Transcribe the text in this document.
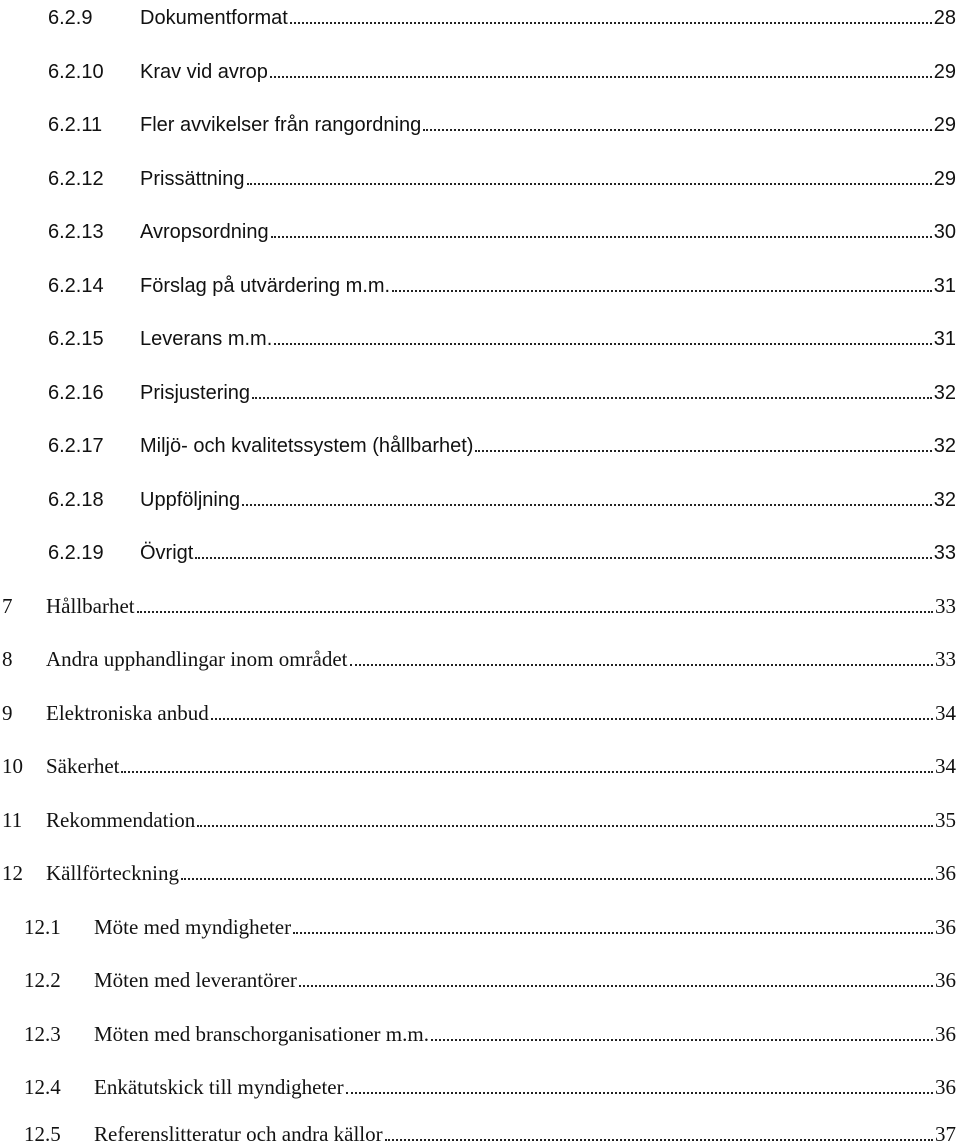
6.2.9	Dokumentformat	28
6.2.10	Krav vid avrop	29
6.2.11	Fler avvikelser från rangordning	29
6.2.12	Prissättning	29
6.2.13	Avropsordning	30
6.2.14	Förslag på utvärdering m.m.	31
6.2.15	Leverans m.m.	31
6.2.16	Prisjustering	32
6.2.17	Miljö- och kvalitetssystem (hållbarhet)	32
6.2.18	Uppföljning	32
6.2.19	Övrigt	33
7	Hållbarhet	33
8	Andra upphandlingar inom området	33
9	Elektroniska anbud	34
10	Säkerhet	34
11	Rekommendation	35
12	Källförteckning	36
12.1	Möte med myndigheter	36
12.2	Möten med leverantörer	36
12.3	Möten med branschorganisationer m.m.	36
12.4	Enkätutskick till myndigheter	36
12.5	Referenslitteratur och andra källor	37
